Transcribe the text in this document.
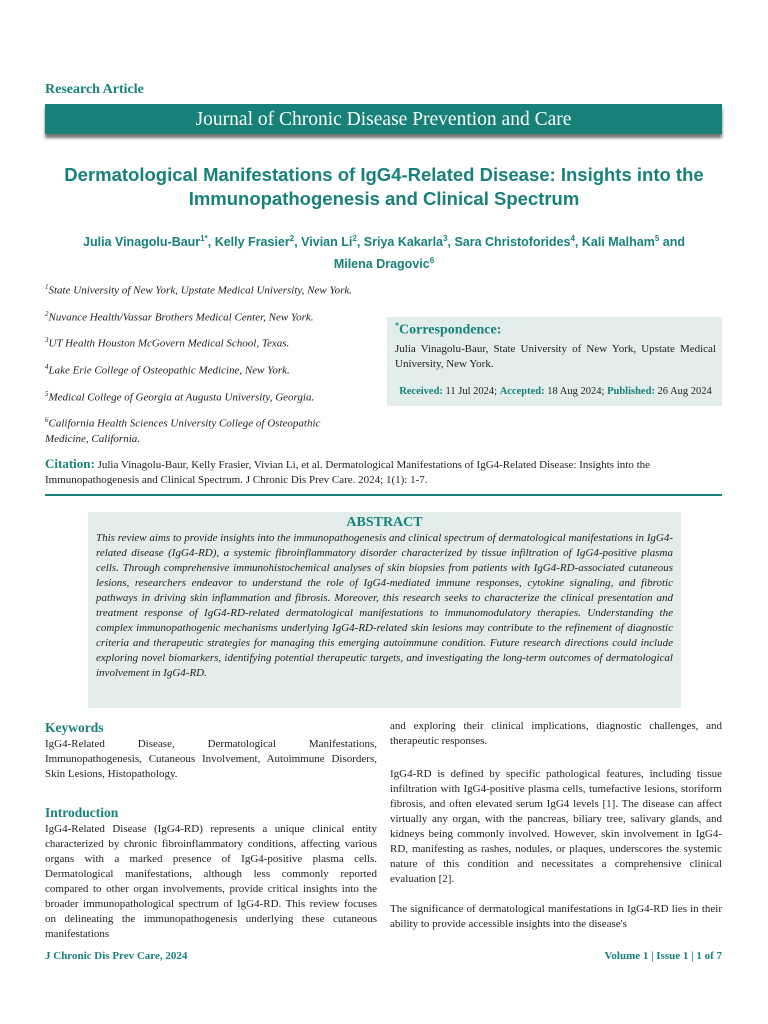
Research Article
Journal of Chronic Disease Prevention and Care
Dermatological Manifestations of IgG4-Related Disease: Insights into the
Immunopathogenesis and Clinical Spectrum
Julia Vinagolu-Baur$^{1*}$, Kelly Frasier$^2$, Vivian Li$^2$, Sriya Kakarla$^3$, Sara Christoforides$^4$, Kali Malham$^5$ and
Milena Dragovic$^6$
$^1$State University of New York, Upstate Medical University, New York.
$^2$Nuvance Health/Vassar Brothers Medical Center, New York.
$^3$UT Health Houston McGovern Medical School, Texas.
$^4$Lake Erie College of Osteopathic Medicine, New York.
$^5$Medical College of Georgia at Augusta University, Georgia.
$^6$California Health Sciences University College of Osteopathic Medicine, California.
*Correspondence:
Julia Vinagolu-Baur, State University of New York, Upstate Medical University, New York.
Received: 11 Jul 2024; Accepted: 18 Aug 2024; Published: 26 Aug 2024
Citation: Julia Vinagolu-Baur, Kelly Frasier, Vivian Li, et al. Dermatological Manifestations of IgG4-Related Disease: Insights into the Immunopathogenesis and Clinical Spectrum. J Chronic Dis Prev Care. 2024; 1(1): 1-7.
ABSTRACT
This review aims to provide insights into the immunopathogenesis and clinical spectrum of dermatological manifestations in IgG4-related disease (IgG4-RD), a systemic fibroinflammatory disorder characterized by tissue infiltration of IgG4-positive plasma cells. Through comprehensive immunohistochemical analyses of skin biopsies from patients with IgG4-RD-associated cutaneous lesions, researchers endeavor to understand the role of IgG4-mediated immune responses, cytokine signaling, and fibrotic pathways in driving skin inflammation and fibrosis. Moreover, this research seeks to characterize the clinical presentation and treatment response of IgG4-RD-related dermatological manifestations to immunomodulatory therapies. Understanding the complex immunopathogenic mechanisms underlying IgG4-RD-related skin lesions may contribute to the refinement of diagnostic criteria and therapeutic strategies for managing this emerging autoimmune condition. Future research directions could include exploring novel biomarkers, identifying potential therapeutic targets, and investigating the long-term outcomes of dermatological involvement in IgG4-RD.
Keywords

IgG4-Related Disease, Dermatological Manifestations, Immunopathogenesis, Cutaneous Involvement, Autoimmune Disorders, Skin Lesions, Histopathology.

Introduction

IgG4-Related Disease (IgG4-RD) represents a unique clinical entity characterized by chronic fibroinflammatory conditions, affecting various organs with a marked presence of IgG4-positive plasma cells. Dermatological manifestations, although less commonly reported compared to other organ involvements, provide critical insights into the broader immunopathological spectrum of IgG4-RD. This review focuses on delineating the immunopathogenesis underlying these cutaneous manifestations

and exploring their clinical implications, diagnostic challenges, and therapeutic responses.

IgG4-RD is defined by specific pathological features, including tissue infiltration with IgG4-positive plasma cells, tumefactive lesions, storiform fibrosis, and often elevated serum IgG4 levels [1]. The disease can affect virtually any organ, with the pancreas, biliary tree, salivary glands, and kidneys being commonly involved. However, skin involvement in IgG4-RD, manifesting as rashes, nodules, or plaques, underscores the systemic nature of this condition and necessitates a comprehensive clinical evaluation [2].

The significance of dermatological manifestations in IgG4-RD lies in their ability to provide accessible insights into the disease's

J Chronic Dis Prev Care, 2024	Volume 1 | Issue 1 | 1 of 7
